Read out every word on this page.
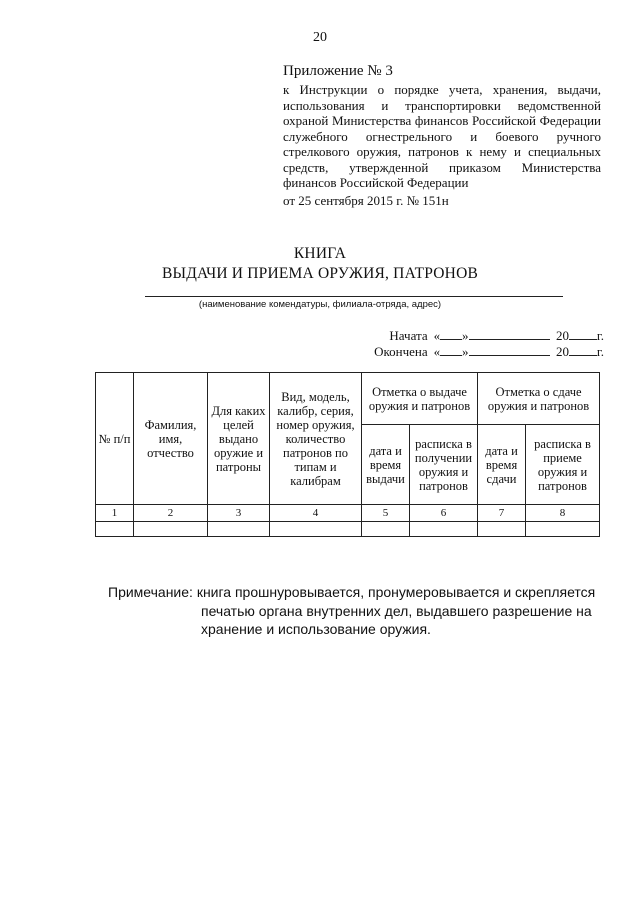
20
Приложение № 3
к Инструкции о порядке учета, хранения, выдачи, использования и транспортировки ведомственной охраной Министерства финансов Российской Федерации служебного огнестрельного и боевого ручного стрелкового оружия, патронов к нему и специальных средств, утвержденной приказом Министерства финансов Российской Федерации
от 25 сентября 2015 г. № 151н
КНИГА
ВЫДАЧИ И ПРИЕМА ОРУЖИЯ, ПАТРОНОВ
(наименование комендатуры, филиала-отряда, адрес)
Начата « »	20 г.
Окончена « »	20 г.
№ п/п	Фамилия, имя, отчество	Для каких целей выдано оружие и патроны	Вид, модель, калибр, серия, номер оружия, количество патронов по типам и калибрам	Отметка о выдаче оружия и патронов		Отметка о сдаче оружия и патронов	
				дата и время выдачи	расписка в получении оружия и патронов	дата и время сдачи	расписка в приеме оружия и патронов
1	2	3	4	5	6	7	8

Примечание: книга прошнуровывается, пронумеровывается и скрепляется
печатью органа внутренних дел, выдавшего разрешение на
хранение и использование оружия.
